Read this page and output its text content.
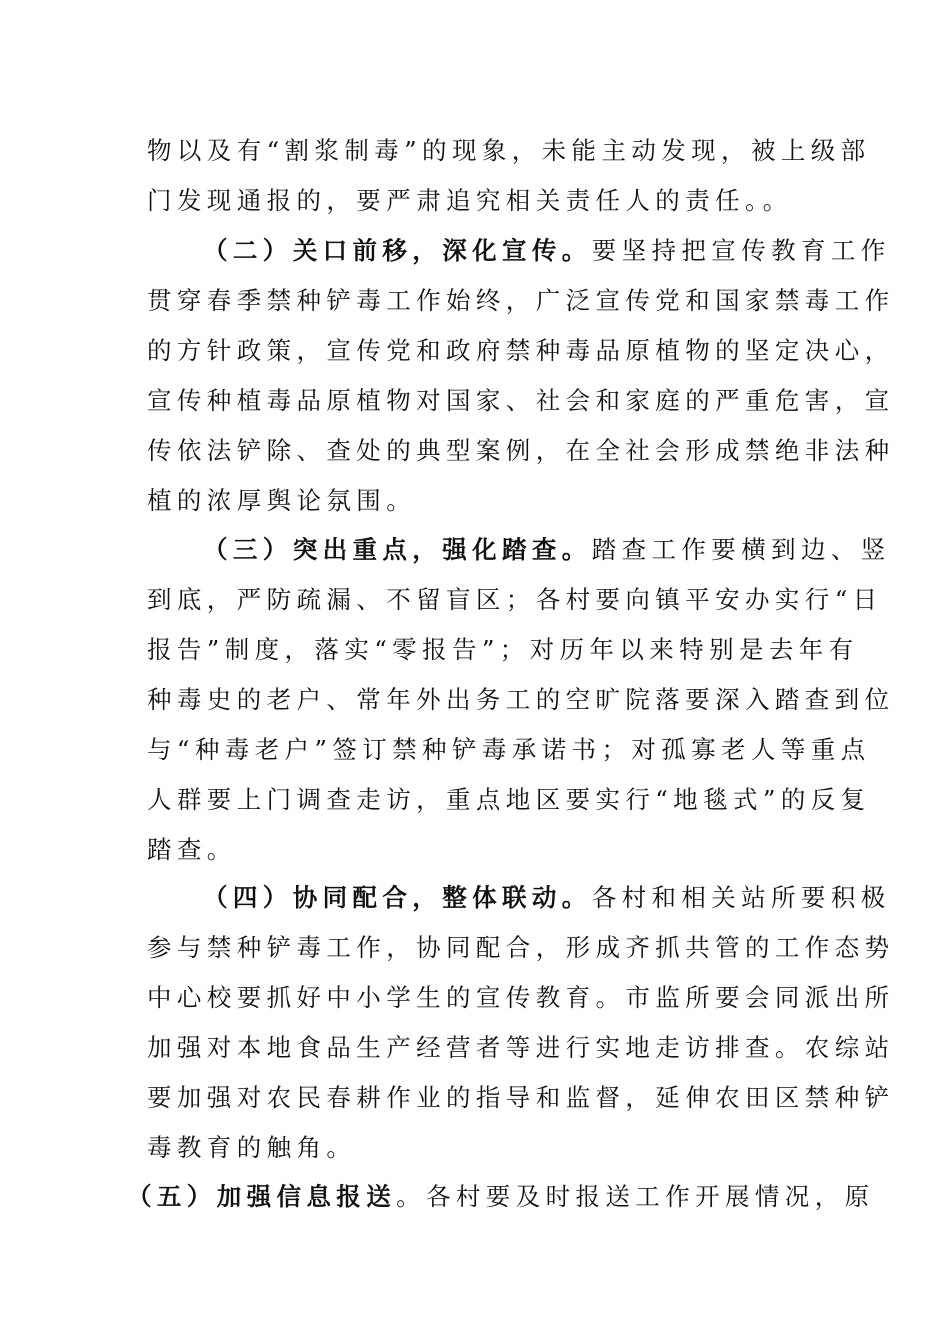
物以及有“割浆制毒”的现象，未能主动发现，被上级部
门发现通报的，要严肃追究相关责任人的责任。。
（二）关口前移，深化宣传。要坚持把宣传教育工作
贯穿春季禁种铲毒工作始终，广泛宣传党和国家禁毒工作
的方针政策，宣传党和政府禁种毒品原植物的坚定决心，
宣传种植毒品原植物对国家、社会和家庭的严重危害，宣
传依法铲除、查处的典型案例，在全社会形成禁绝非法种
植的浓厚舆论氛围。
（三）突出重点，强化踏查。踏查工作要横到边、竖
到底，严防疏漏、不留盲区；各村要向镇平安办实行“日
报告”制度，落实“零报告”；对历年以来特别是去年有
种毒史的老户、常年外出务工的空旷院落要深入踏查到位
与“种毒老户”签订禁种铲毒承诺书；对孤寡老人等重点
人群要上门调查走访，重点地区要实行“地毯式”的反复
踏查。
（四）协同配合，整体联动。各村和相关站所要积极
参与禁种铲毒工作，协同配合，形成齐抓共管的工作态势
中心校要抓好中小学生的宣传教育。市监所要会同派出所
加强对本地食品生产经营者等进行实地走访排查。农综站
要加强对农民春耕作业的指导和监督，延伸农田区禁种铲
毒教育的触角。
（五）加强信息报送。各村要及时报送工作开展情况，原
